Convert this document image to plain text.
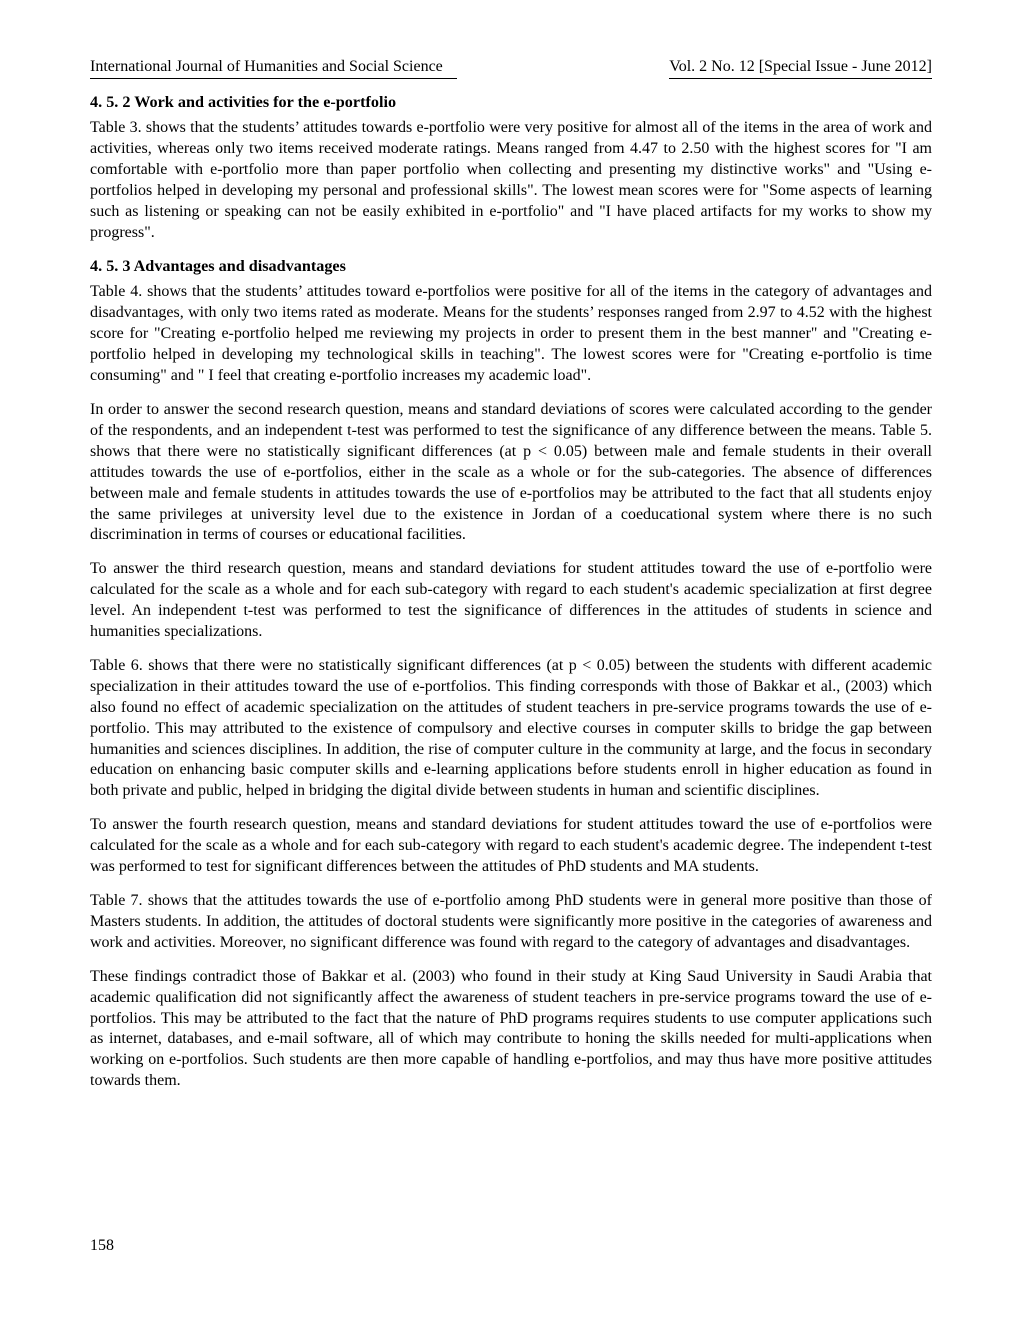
International Journal of Humanities and Social Science	Vol. 2 No. 12 [Special Issue - June 2012]
4. 5. 2 Work and activities for the e-portfolio

Table 3. shows that the students’ attitudes towards e-portfolio were very positive for almost all of the items in the area of work and activities, whereas only two items received moderate ratings. Means ranged from 4.47 to 2.50 with the highest scores for "I am comfortable with e-portfolio more than paper portfolio when collecting and presenting my distinctive works" and "Using e-portfolios helped in developing my personal and professional skills". The lowest mean scores were for "Some aspects of learning such as listening or speaking can not be easily exhibited in e-portfolio" and "I have placed artifacts for my works to show my progress".

4. 5. 3 Advantages and disadvantages

Table 4. shows that the students’ attitudes toward e-portfolios were positive for all of the items in the category of advantages and disadvantages, with only two items rated as moderate. Means for the students’ responses ranged from 2.97 to 4.52 with the highest score for "Creating e-portfolio helped me reviewing my projects in order to present them in the best manner" and "Creating e-portfolio helped in developing my technological skills in teaching". The lowest scores were for "Creating e-portfolio is time consuming" and " I feel that creating e-portfolio increases my academic load".

In order to answer the second research question, means and standard deviations of scores were calculated according to the gender of the respondents, and an independent t-test was performed to test the significance of any difference between the means. Table 5. shows that there were no statistically significant differences (at p < 0.05) between male and female students in their overall attitudes towards the use of e-portfolios, either in the scale as a whole or for the sub-categories. The absence of differences between male and female students in attitudes towards the use of e-portfolios may be attributed to the fact that all students enjoy the same privileges at university level due to the existence in Jordan of a coeducational system where there is no such discrimination in terms of courses or educational facilities.

To answer the third research question, means and standard deviations for student attitudes toward the use of e-portfolio were calculated for the scale as a whole and for each sub-category with regard to each student's academic specialization at first degree level. An independent t-test was performed to test the significance of differences in the attitudes of students in science and humanities specializations.

Table 6. shows that there were no statistically significant differences (at p < 0.05) between the students with different academic specialization in their attitudes toward the use of e-portfolios. This finding corresponds with those of Bakkar et al., (2003) which also found no effect of academic specialization on the attitudes of student teachers in pre-service programs towards the use of e-portfolio. This may attributed to the existence of compulsory and elective courses in computer skills to bridge the gap between humanities and sciences disciplines. In addition, the rise of computer culture in the community at large, and the focus in secondary education on enhancing basic computer skills and e-learning applications before students enroll in higher education as found in both private and public, helped in bridging the digital divide between students in human and scientific disciplines.

To answer the fourth research question, means and standard deviations for student attitudes toward the use of e-portfolios were calculated for the scale as a whole and for each sub-category with regard to each student's academic degree. The independent t-test was performed to test for significant differences between the attitudes of PhD students and MA students.

Table 7. shows that the attitudes towards the use of e-portfolio among PhD students were in general more positive than those of Masters students. In addition, the attitudes of doctoral students were significantly more positive in the categories of awareness and work and activities. Moreover, no significant difference was found with regard to the category of advantages and disadvantages.

These findings contradict those of Bakkar et al. (2003) who found in their study at King Saud University in Saudi Arabia that academic qualification did not significantly affect the awareness of student teachers in pre-service programs toward the use of e-portfolios. This may be attributed to the fact that the nature of PhD programs requires students to use computer applications such as internet, databases, and e-mail software, all of which may contribute to honing the skills needed for multi-applications when working on e-portfolios. Such students are then more capable of handling e-portfolios, and may thus have more positive attitudes towards them.

158
